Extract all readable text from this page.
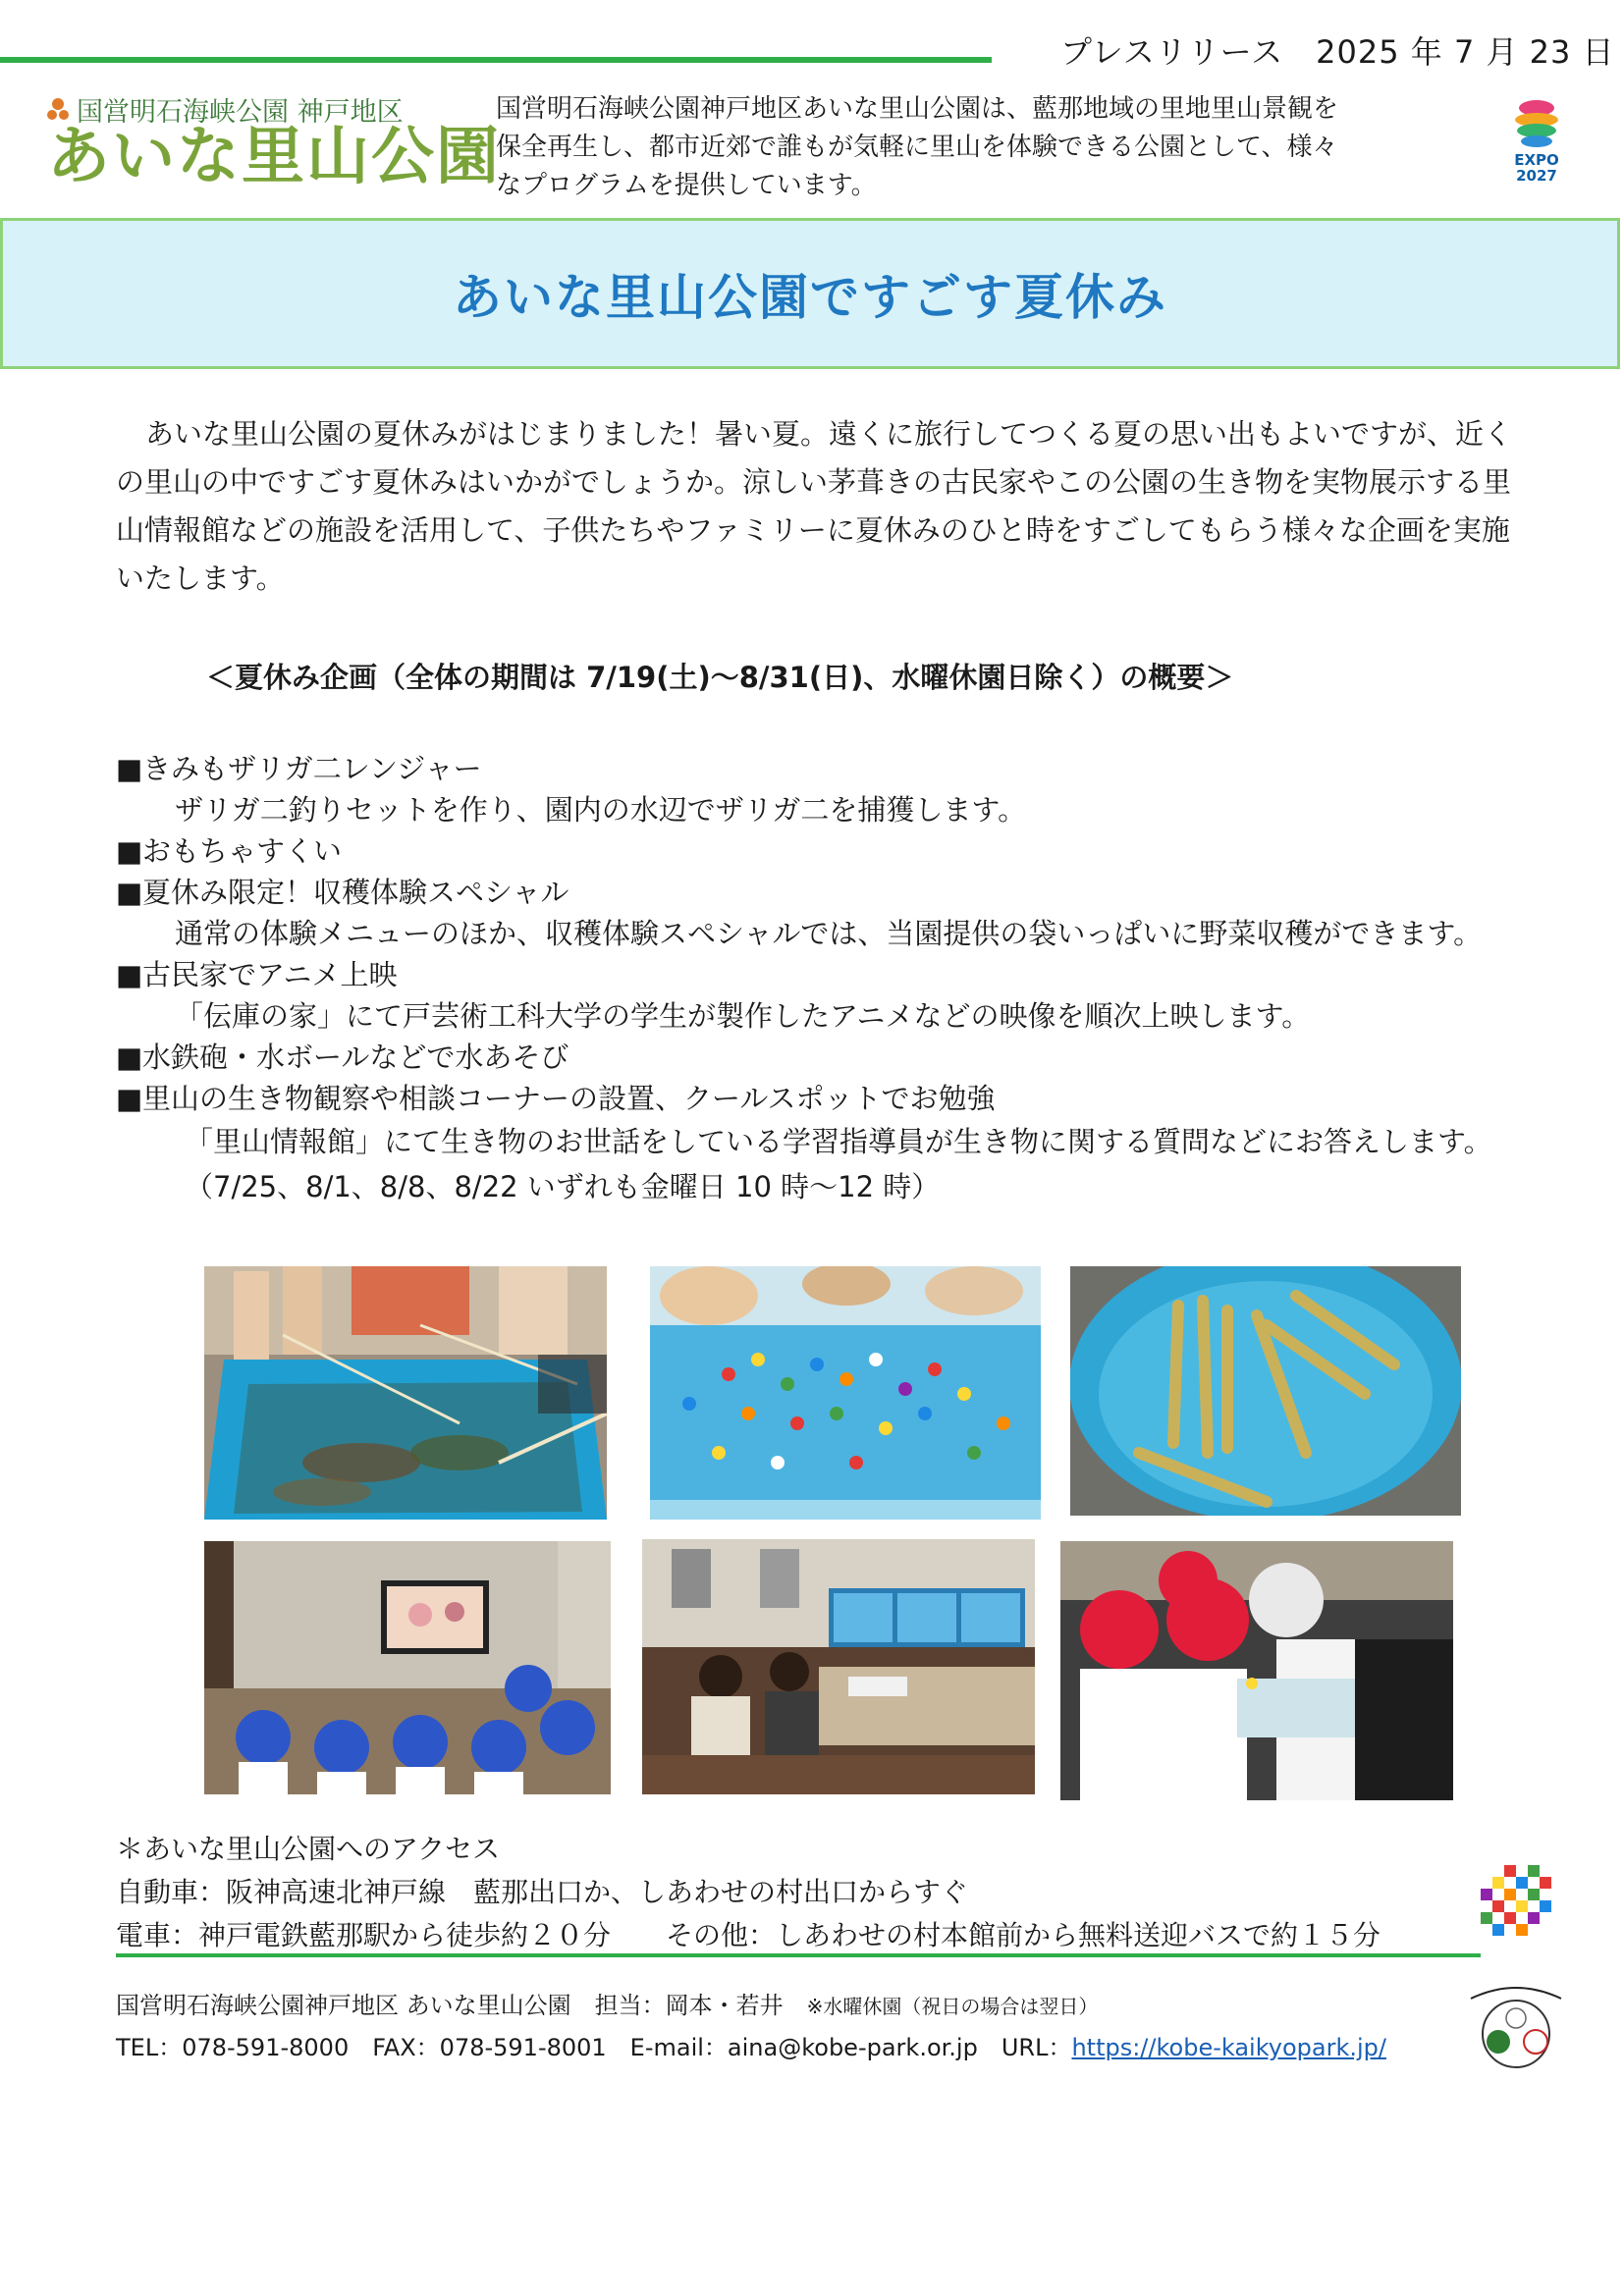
プレスリリース　2025 年 7 月 23 日
国営明石海峡公園 神戸地区
あいな里山公園
国営明石海峡公園神戸地区あいな里山公園は、藍那地域の里地里山景観を保全再生し、都市近郊で誰もが気軽に里山を体験できる公園として、様々なプログラムを提供しています。
EXPO
2027
あいな里山公園ですごす夏休み
あいな里山公園の夏休みがはじまりました！暑い夏。遠くに旅行してつくる夏の思い出もよいですが、近くの里山の中ですごす夏休みはいかがでしょうか。涼しい茅葺きの古民家やこの公園の生き物を実物展示する里山情報館などの施設を活用して、子供たちやファミリーに夏休みのひと時をすごしてもらう様々な企画を実施いたします。
＜夏休み企画（全体の期間は 7/19(土)～8/31(日)、水曜休園日除く）の概要＞
■ きみもザリガ二レンジャー
ザリガ二釣りセットを作り、園内の水辺でザリガ二を捕獲します。
■ おもちゃすくい
■ 夏休み限定！収穫体験スペシャル
通常の体験メニューのほか、収穫体験スペシャルでは、当園提供の袋いっぱいに野菜収穫ができます。
■ 古民家でアニメ上映
「伝庫の家」にて戸芸術工科大学の学生が製作したアニメなどの映像を順次上映します。
■ 水鉄砲・水ボールなどで水あそび
■ 里山の生き物観察や相談コーナーの設置、クールスポットでお勉強
「里山情報館」にて生き物のお世話をしている学習指導員が生き物に関する質問などにお答えします。（7/25、8/1、8/8、8/22 いずれも金曜日 10 時～12 時）
＊あいな里山公園へのアクセス
自動車：阪神高速北神戸線　藍那出口か、しあわせの村出口からすぐ
電車：神戸電鉄藍那駅から徒歩約２０分　　その他：しあわせの村本館前から無料送迎バスで約１５分
国営明石海峡公園神戸地区 あいな里山公園　担当：岡本・若井　 ※水曜休園（祝日の場合は翌日）
TEL：078-591-8000　FAX：078-591-8001　E-mail：aina@kobe-park.or.jp　URL：https://kobe-kaikyopark.jp/
